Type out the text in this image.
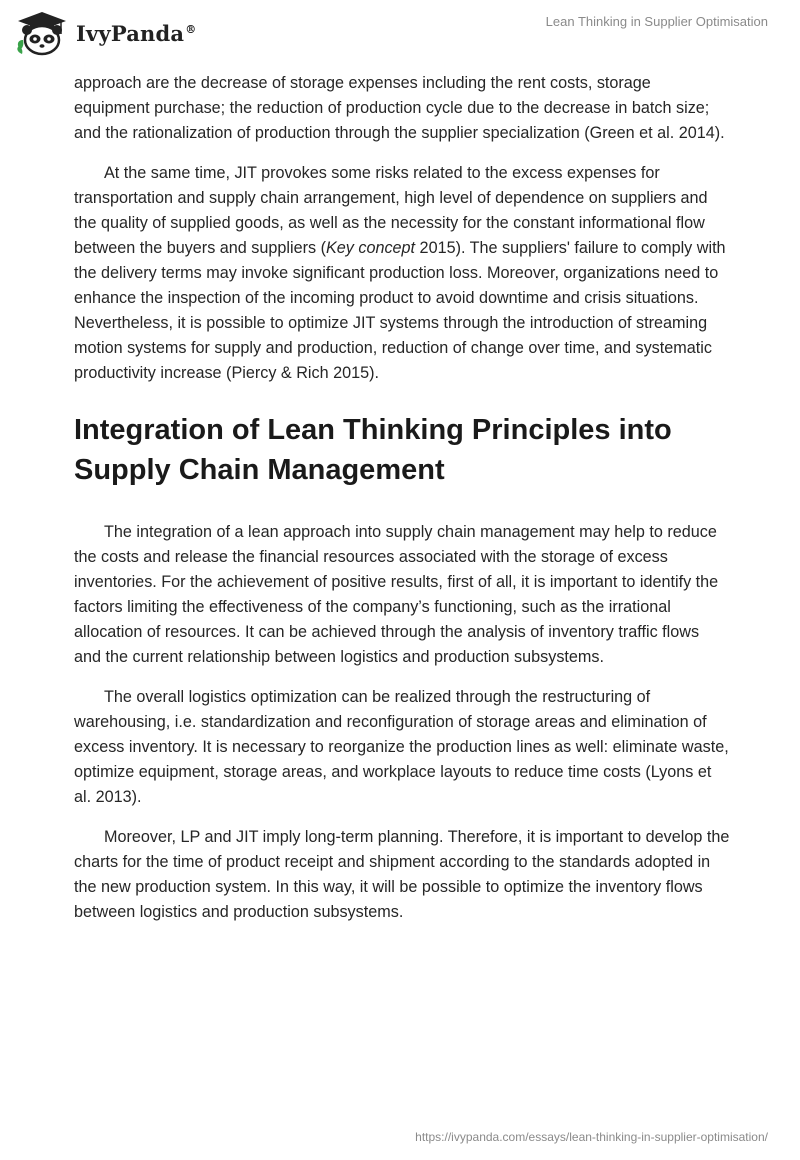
IvyPanda®	Lean Thinking in Supplier Optimisation

approach are the decrease of storage expenses including the rent costs, storage equipment purchase; the reduction of production cycle due to the decrease in batch size; and the rationalization of production through the supplier specialization (Green et al. 2014).

At the same time, JIT provokes some risks related to the excess expenses for transportation and supply chain arrangement, high level of dependence on suppliers and the quality of supplied goods, as well as the necessity for the constant informational flow between the buyers and suppliers (Key concept 2015). The suppliers' failure to comply with the delivery terms may invoke significant production loss. Moreover, organizations need to enhance the inspection of the incoming product to avoid downtime and crisis situations. Nevertheless, it is possible to optimize JIT systems through the introduction of streaming motion systems for supply and production, reduction of change over time, and systematic productivity increase (Piercy & Rich 2015).

Integration of Lean Thinking Principles into Supply Chain Management

The integration of a lean approach into supply chain management may help to reduce the costs and release the financial resources associated with the storage of excess inventories. For the achievement of positive results, first of all, it is important to identify the factors limiting the effectiveness of the company’s functioning, such as the irrational allocation of resources. It can be achieved through the analysis of inventory traffic flows and the current relationship between logistics and production subsystems.

The overall logistics optimization can be realized through the restructuring of warehousing, i.e. standardization and reconfiguration of storage areas and elimination of excess inventory. It is necessary to reorganize the production lines as well: eliminate waste, optimize equipment, storage areas, and workplace layouts to reduce time costs (Lyons et al. 2013).

Moreover, LP and JIT imply long-term planning. Therefore, it is important to develop the charts for the time of product receipt and shipment according to the standards adopted in the new production system. In this way, it will be possible to optimize the inventory flows between logistics and production subsystems.

https://ivypanda.com/essays/lean-thinking-in-supplier-optimisation/
